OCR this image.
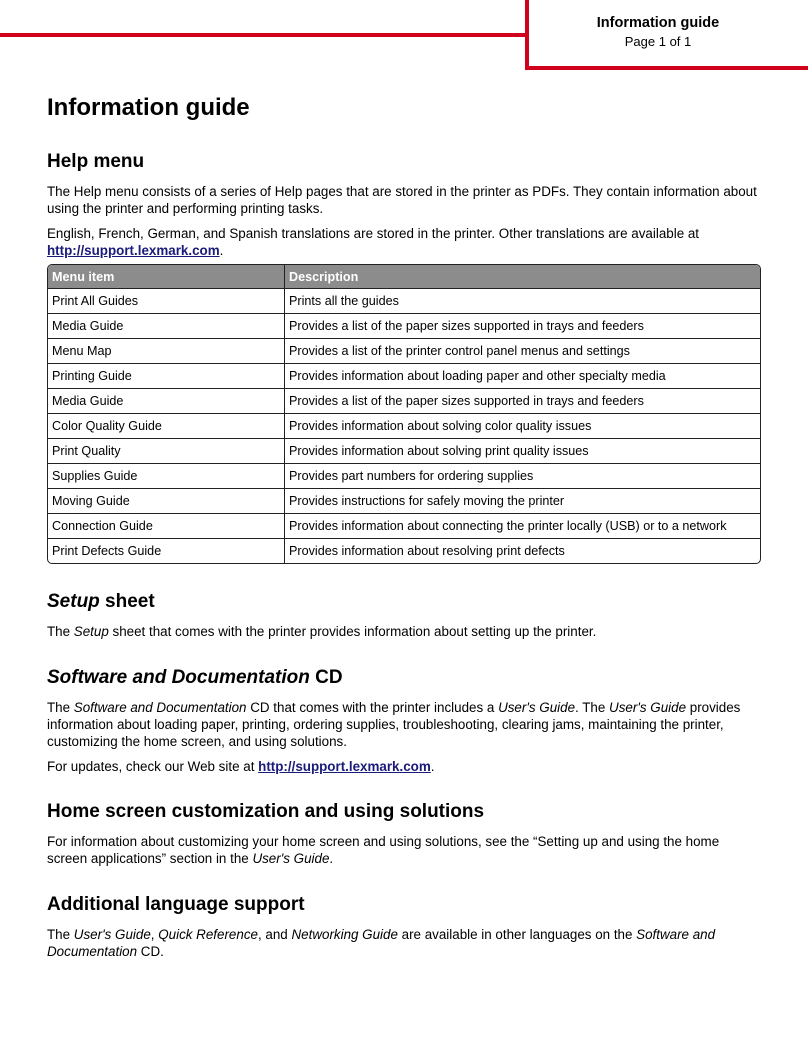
Information guide
Page 1 of 1
Information guide
Help menu

The Help menu consists of a series of Help pages that are stored in the printer as PDFs. They contain information about using the printer and performing printing tasks.

English, French, German, and Spanish translations are stored in the printer. Other translations are available at http://support.lexmark.com.

Menu item	Description
Print All Guides	Prints all the guides
Media Guide	Provides a list of the paper sizes supported in trays and feeders
Menu Map	Provides a list of the printer control panel menus and settings
Printing Guide	Provides information about loading paper and other specialty media
Media Guide	Provides a list of the paper sizes supported in trays and feeders
Color Quality Guide	Provides information about solving color quality issues
Print Quality	Provides information about solving print quality issues
Supplies Guide	Provides part numbers for ordering supplies
Moving Guide	Provides instructions for safely moving the printer
Connection Guide	Provides information about connecting the printer locally (USB) or to a network
Print Defects Guide	Provides information about resolving print defects
Setup sheet

The Setup sheet that comes with the printer provides information about setting up the printer.

Software and Documentation CD

The Software and Documentation CD that comes with the printer includes a User's Guide. The User's Guide provides information about loading paper, printing, ordering supplies, troubleshooting, clearing jams, maintaining the printer, customizing the home screen, and using solutions.

For updates, check our Web site at http://support.lexmark.com.

Home screen customization and using solutions

For information about customizing your home screen and using solutions, see the “Setting up and using the home screen applications” section in the User's Guide.

Additional language support

The User's Guide, Quick Reference, and Networking Guide are available in other languages on the Software and Documentation CD.
